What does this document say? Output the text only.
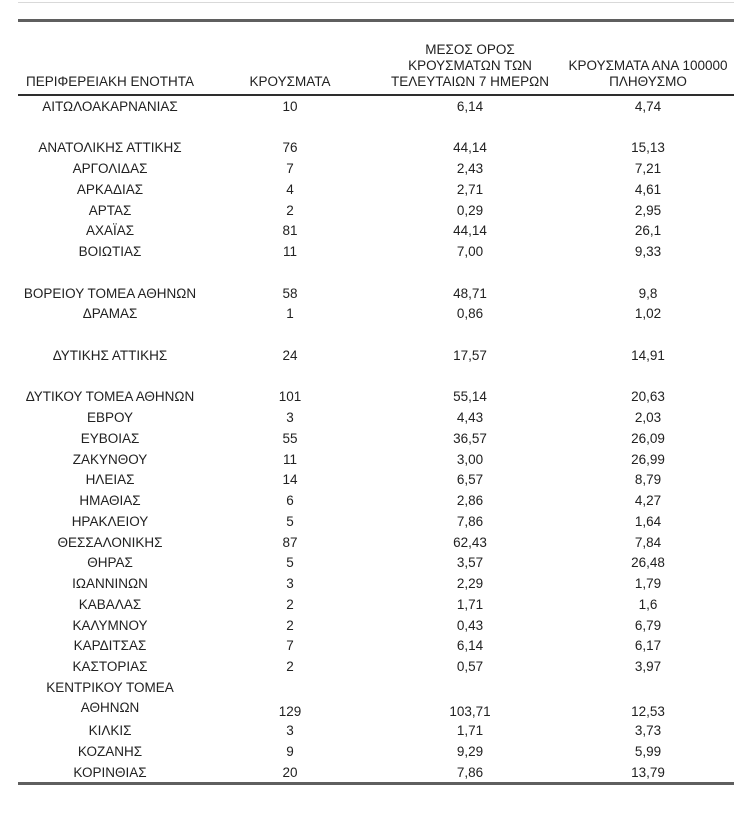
ΠΕΡΙΦΕΡΕΙΑΚΗ ΕΝΟΤΗΤΑ	ΚΡΟΥΣΜΑΤΑ	ΜΕΣΟΣ ΟΡΟΣ ΚΡΟΥΣΜΑΤΩΝ ΤΩΝ ΤΕΛΕΥΤΑΙΩΝ 7 ΗΜΕΡΩΝ	ΚΡΟΥΣΜΑΤΑ ΑΝΑ 100000 ΠΛΗΘΥΣΜΟ
ΑΙΤΩΛΟΑΚΑΡΝΑΝΙΑΣ	10	6,14	4,74

ΑΝΑΤΟΛΙΚΗΣ ΑΤΤΙΚΗΣ	76	44,14	15,13
ΑΡΓΟΛΙΔΑΣ	7	2,43	7,21
ΑΡΚΑΔΙΑΣ	4	2,71	4,61
ΑΡΤΑΣ	2	0,29	2,95
ΑΧΑΪΑΣ	81	44,14	26,1
ΒΟΙΩΤΙΑΣ	11	7,00	9,33

ΒΟΡΕΙΟΥ ΤΟΜΕΑ ΑΘΗΝΩΝ	58	48,71	9,8
ΔΡΑΜΑΣ	1	0,86	1,02

ΔΥΤΙΚΗΣ ΑΤΤΙΚΗΣ	24	17,57	14,91

ΔΥΤΙΚΟΥ ΤΟΜΕΑ ΑΘΗΝΩΝ	101	55,14	20,63
ΕΒΡΟΥ	3	4,43	2,03
ΕΥΒΟΙΑΣ	55	36,57	26,09
ΖΑΚΥΝΘΟΥ	11	3,00	26,99
ΗΛΕΙΑΣ	14	6,57	8,79
ΗΜΑΘΙΑΣ	6	2,86	4,27
ΗΡΑΚΛΕΙΟΥ	5	7,86	1,64
ΘΕΣΣΑΛΟΝΙΚΗΣ	87	62,43	7,84
ΘΗΡΑΣ	5	3,57	26,48
ΙΩΑΝΝΙΝΩΝ	3	2,29	1,79
ΚΑΒΑΛΑΣ	2	1,71	1,6
ΚΑΛΥΜΝΟΥ	2	0,43	6,79
ΚΑΡΔΙΤΣΑΣ	7	6,14	6,17
ΚΑΣΤΟΡΙΑΣ	2	0,57	3,97
ΚΕΝΤΡΙΚΟΥ ΤΟΜΕΑ ΑΘΗΝΩΝ	129	103,71	12,53
ΚΙΛΚΙΣ	3	1,71	3,73
ΚΟΖΑΝΗΣ	9	9,29	5,99
ΚΟΡΙΝΘΙΑΣ	20	7,86	13,79
